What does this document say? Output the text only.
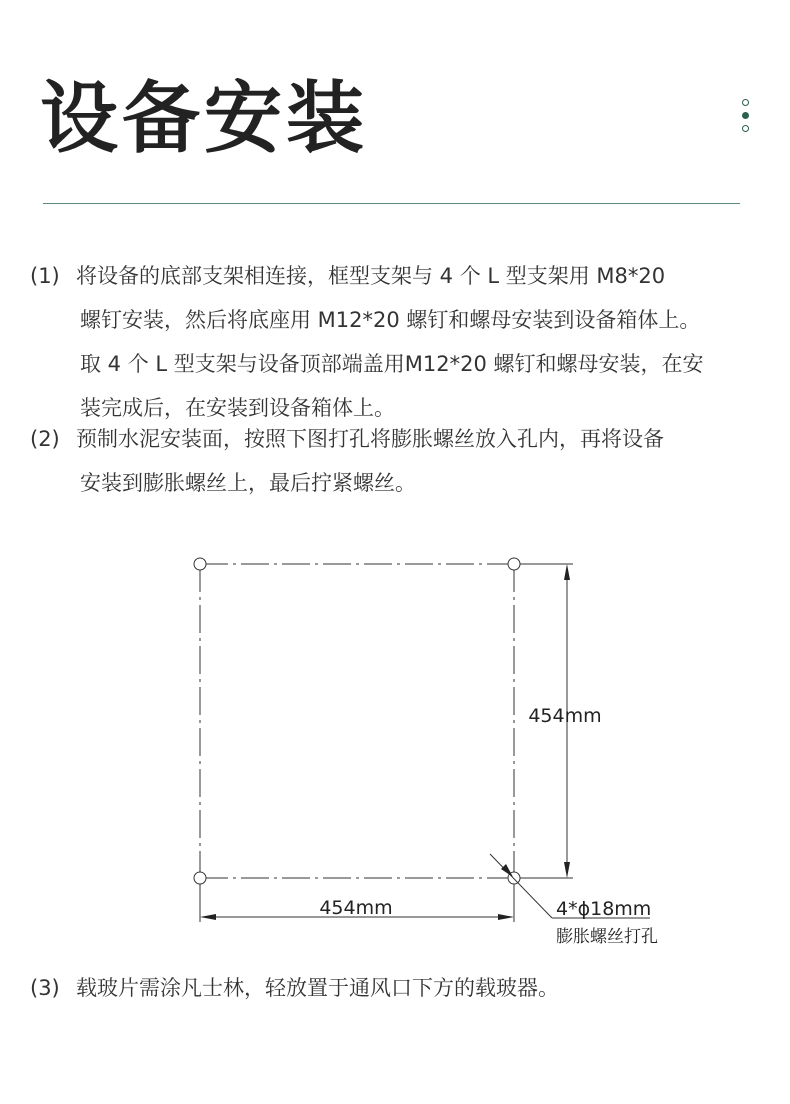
设备安装
(1) 将设备的底部支架相连接，框型支架与 4 个 L 型支架用 M8*20
螺钉安装，然后将底座用 M12*20 螺钉和螺母安装到设备箱体上。
取 4 个 L 型支架与设备顶部端盖用M12*20 螺钉和螺母安装，在安
装完成后，在安装到设备箱体上。
(2) 预制水泥安装面，按照下图打孔将膨胀螺丝放入孔内，再将设备
安装到膨胀螺丝上，最后拧紧螺丝。
454mm
454mm	4*ϕ18mm
膨胀螺丝打孔
(3) 载玻片需涂凡士林，轻放置于通风口下方的载玻器。
